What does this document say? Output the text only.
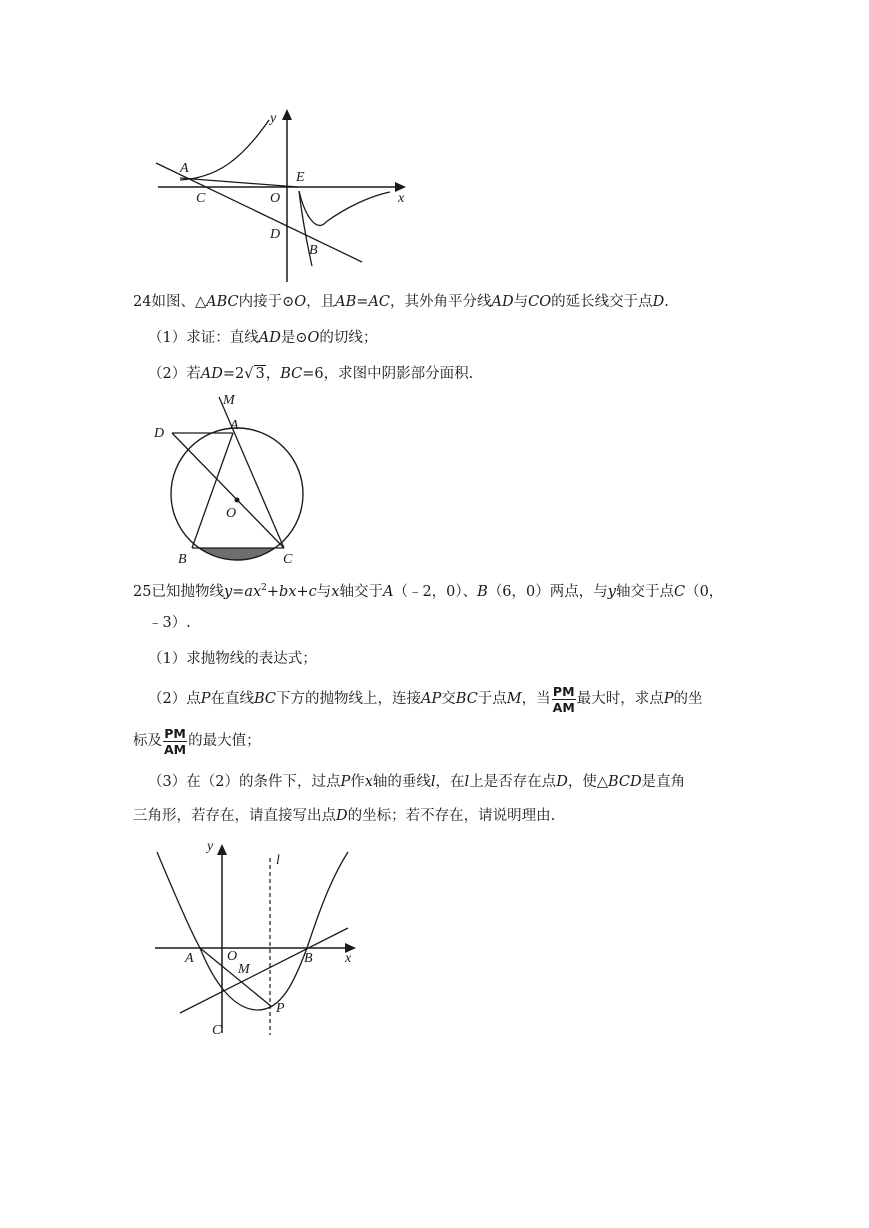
y
x
A
C	O
E
D
B
24如图、△ABC内接于⊙O，且AB=AC，其外角平分线AD与CO的延长线交于点D.
（1）求证：直线AD是⊙O的切线；
（2）若AD=2√ 3，BC=6，求图中阴影部分面积.
M
D
A
O
B	C
25已知抛物线$y=ax^2+bx+c$与x轴交于A（﹣2，0）、B（6，0）两点，与y轴交于点C（0，
﹣3）.
（1）求抛物线的表达式；
（2）点P在直线BC下方的抛物线上，连接AP交BC于点M，当 $\frac{PM}{AM}$ 最大时，求点P的坐
标及 $\frac{PM}{AM}$ 的最大值；
（3）在（2）的条件下，过点P作x轴的垂线l，在l上是否存在点D，使△BCD是直角
三角形，若存在，请直接写出点D的坐标；若不存在，请说明理由.
y
l
A O
M
B x
C
P
